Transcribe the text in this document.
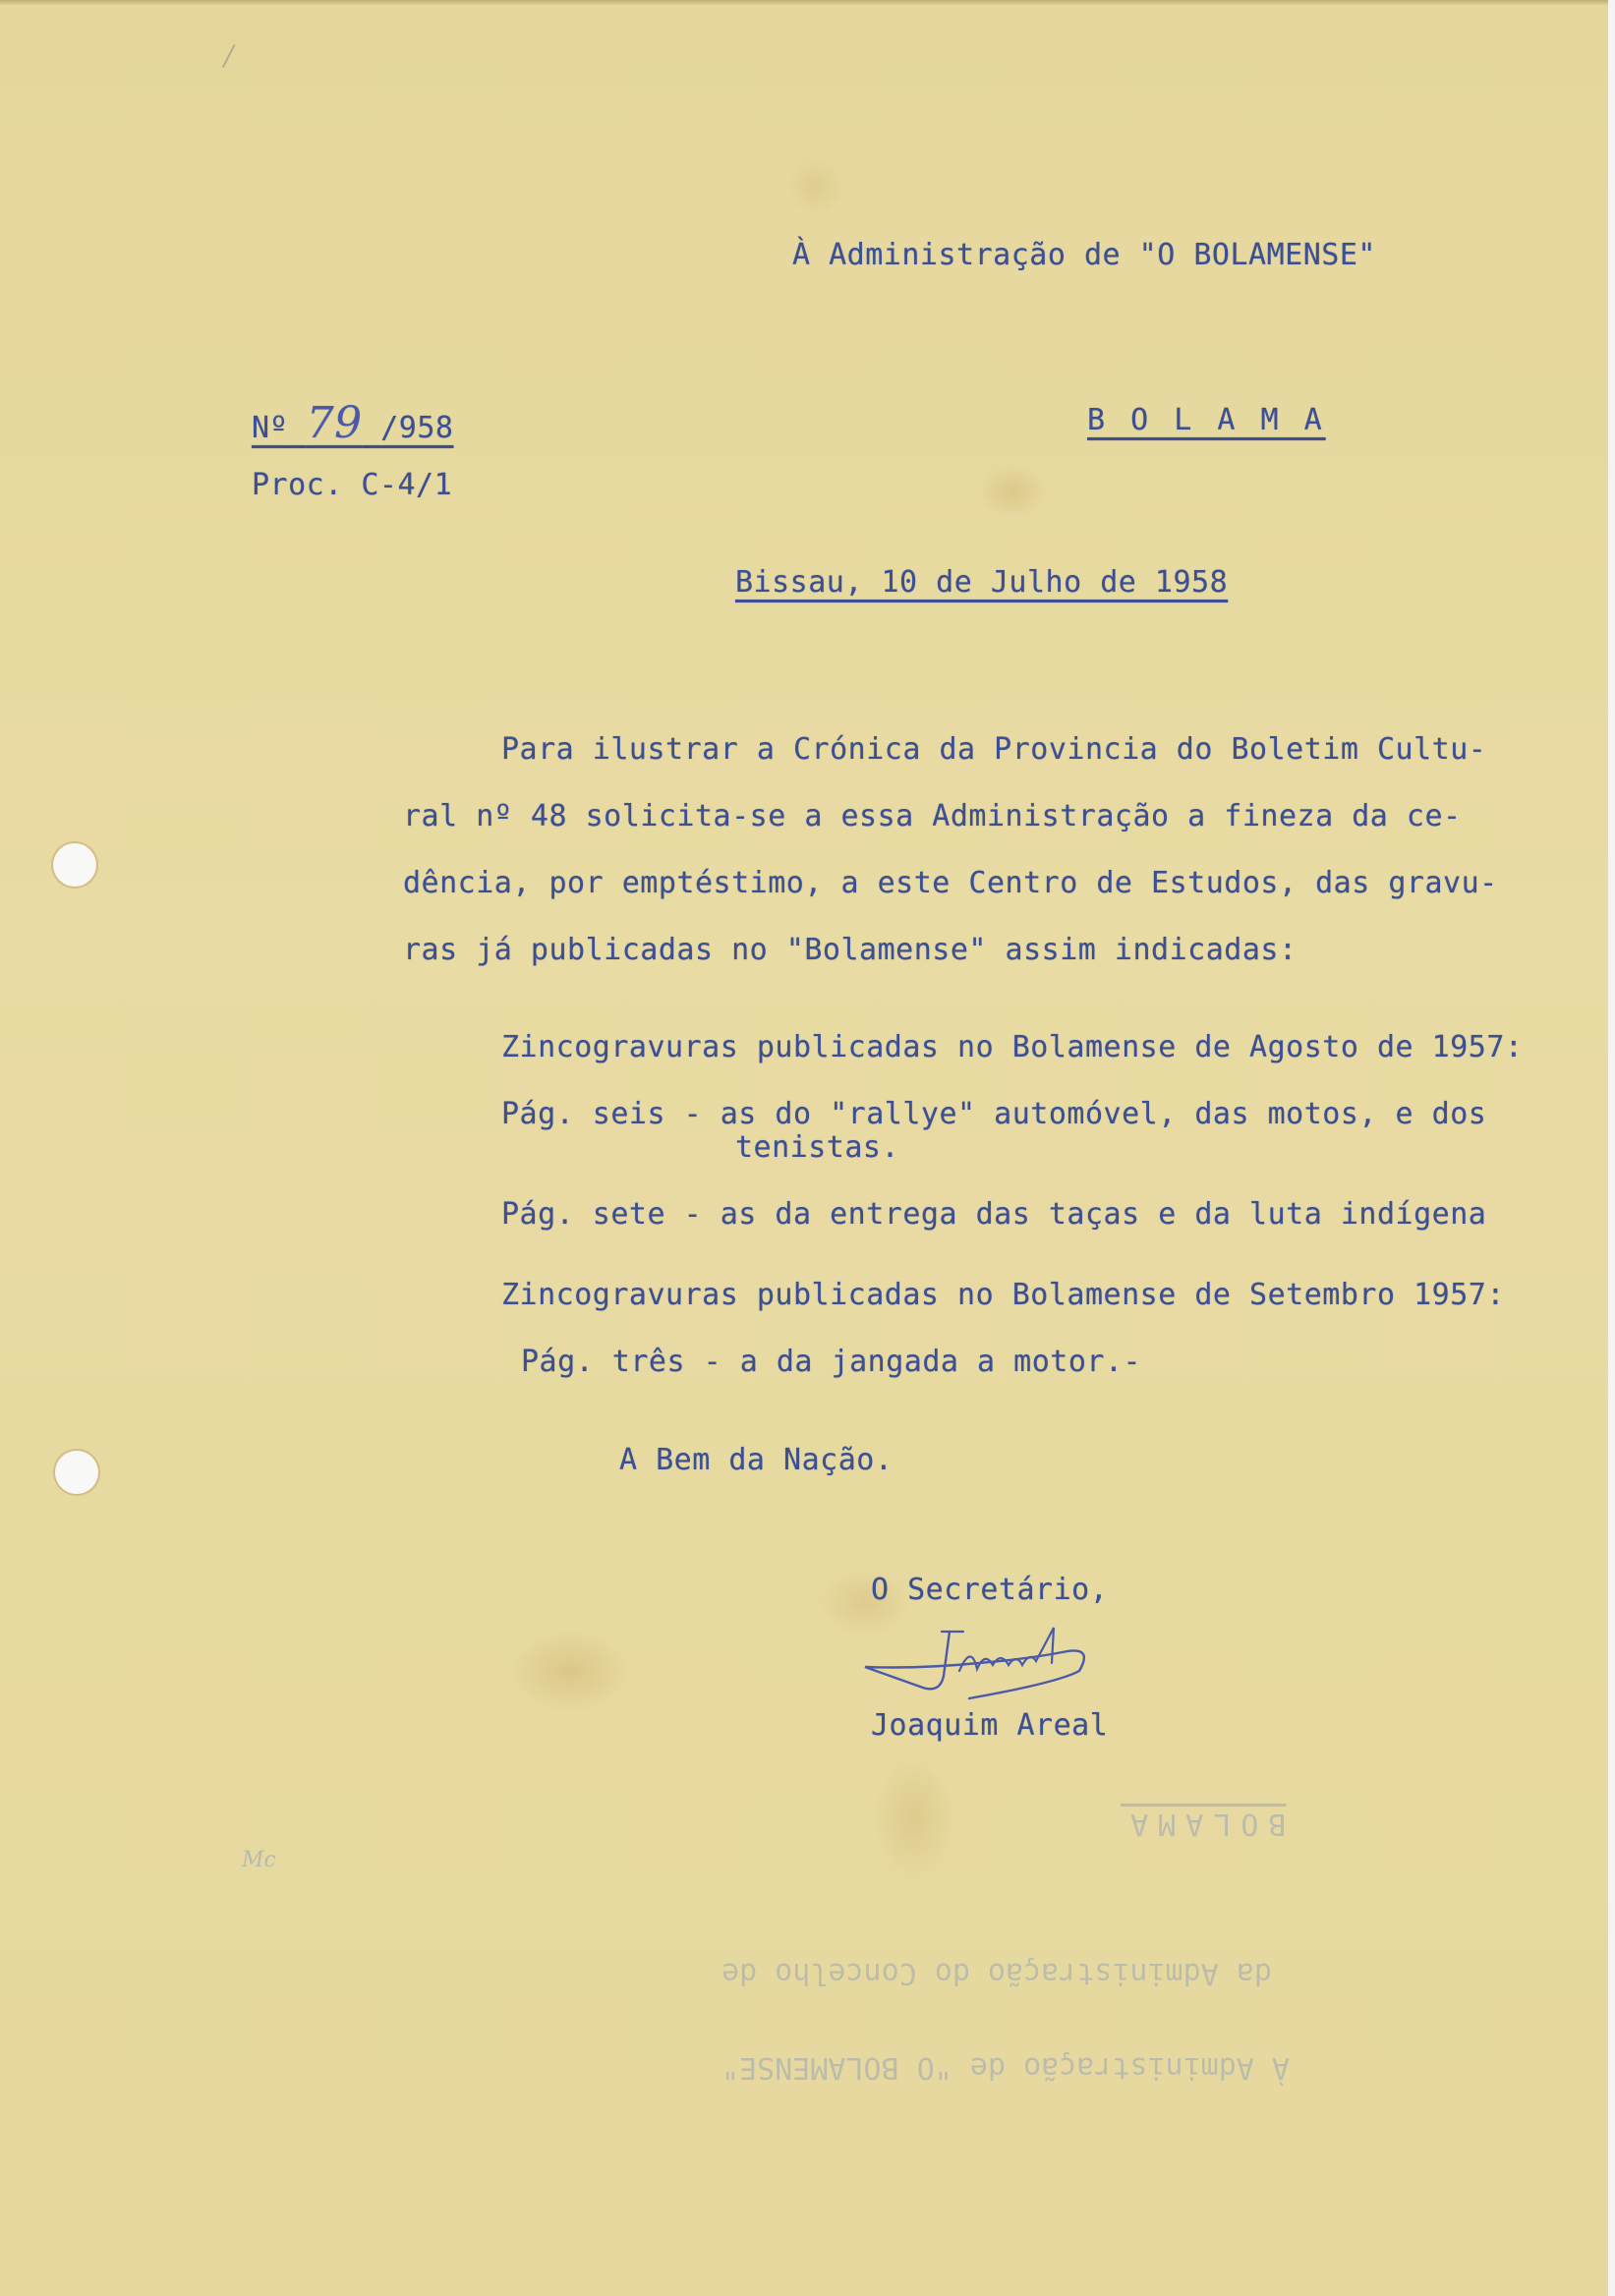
/
À Administração de "O BOLAMENSE"
Nº 79 /958
Proc. C-4/1
B O L A M A
Bissau, 10 de Julho de 1958
Para ilustrar a Crónica da Provincia do Boletim Cultu-
ral nº 48 solicita-se a essa Administração a fineza da ce-
dência, por emptéstimo, a este Centro de Estudos, das gravu-
ras já publicadas no "Bolamense" assim indicadas:
Zincogravuras publicadas no Bolamense de Agosto de 1957:
Pág. seis - as do "rallye" automóvel, das motos, e dos
tenistas.
Pág. sete - as da entrega das taças e da luta indígena
Zincogravuras publicadas no Bolamense de Setembro 1957:
Pág. três - a da jangada a motor.-
A Bem da Nação.
O Secretário,
Joaquim Areal
Mc
BOLAMA
da Administração do Concelho de
À Administração de "O BOLAMENSE"
